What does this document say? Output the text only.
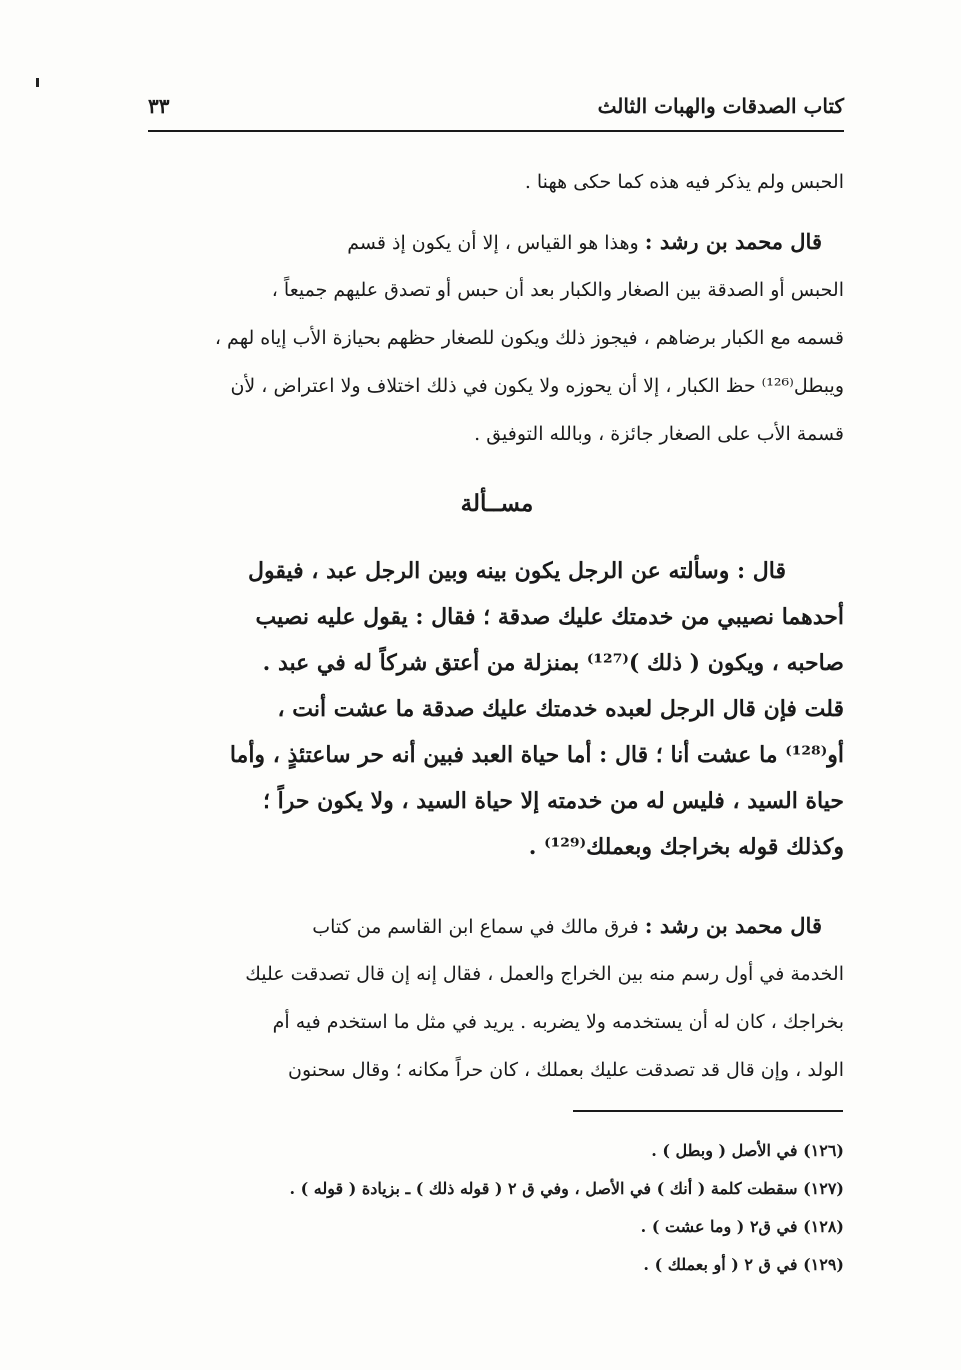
كتاب الصدقات والهبات الثالث
٣٣
الحبس ولم يذكر فيه هذه كما حكى ههنا .
قال محمد بن رشد : وهذا هو القياس ، إلا أن يكون إذ قسم
الحبس أو الصدقة بين الصغار والكبار بعد أن حبس أو تصدق عليهم جميعاً ،
قسمه مع الكبار برضاهم ، فيجوز ذلك ويكون للصغار حظهم بحيازة الأب إياه لهم ،
ويبطل⁽¹²⁶⁾ حظ الكبار ، إلا أن يحوزه ولا يكون في ذلك اختلاف ولا اعتراض ، لأن
قسمة الأب على الصغار جائزة ، وبالله التوفيق .
مســألة
قال : وسألته عن الرجل يكون بينه وبين الرجل عبد ، فيقول
أحدهما نصيبي من خدمتك عليك صدقة ؛ فقال : يقول عليه نصيب
صاحبه ، ويكون ( ذلك )⁽¹²⁷⁾ بمنزلة من أعتق شركاً له في عبد .
قلت فإن قال الرجل لعبده خدمتك عليك صدقة ما عشت أنت ،
أو⁽¹²⁸⁾ ما عشت أنا ؛ قال : أما حياة العبد فبين أنه حر ساعتئذٍ ، وأما
حياة السيد ، فليس له من خدمته إلا حياة السيد ، ولا يكون حراً ؛
وكذلك قوله بخراجك وبعملك⁽¹²⁹⁾ .
قال محمد بن رشد : فرق مالك في سماع ابن القاسم من كتاب
الخدمة في أول رسم منه بين الخراج والعمل ، فقال إنه إن قال تصدقت عليك
بخراجك ، كان له أن يستخدمه ولا يضربه . يريد في مثل ما استخدم فيه أم
الولد ، وإن قال قد تصدقت عليك بعملك ، كان حراً مكانه ؛ وقال سحنون
(١٢٦) في الأصل ( وبطل ) .
(١٢٧) سقطت كلمة ( أنك ) في الأصل ، وفي ق ٢ ( قوله ذلك ) ـ بزيادة ( قوله ) .
(١٢٨) في ق٢ ( وما عشت ) .
(١٢٩) في ق ٢ ( أو بعملك ) .
